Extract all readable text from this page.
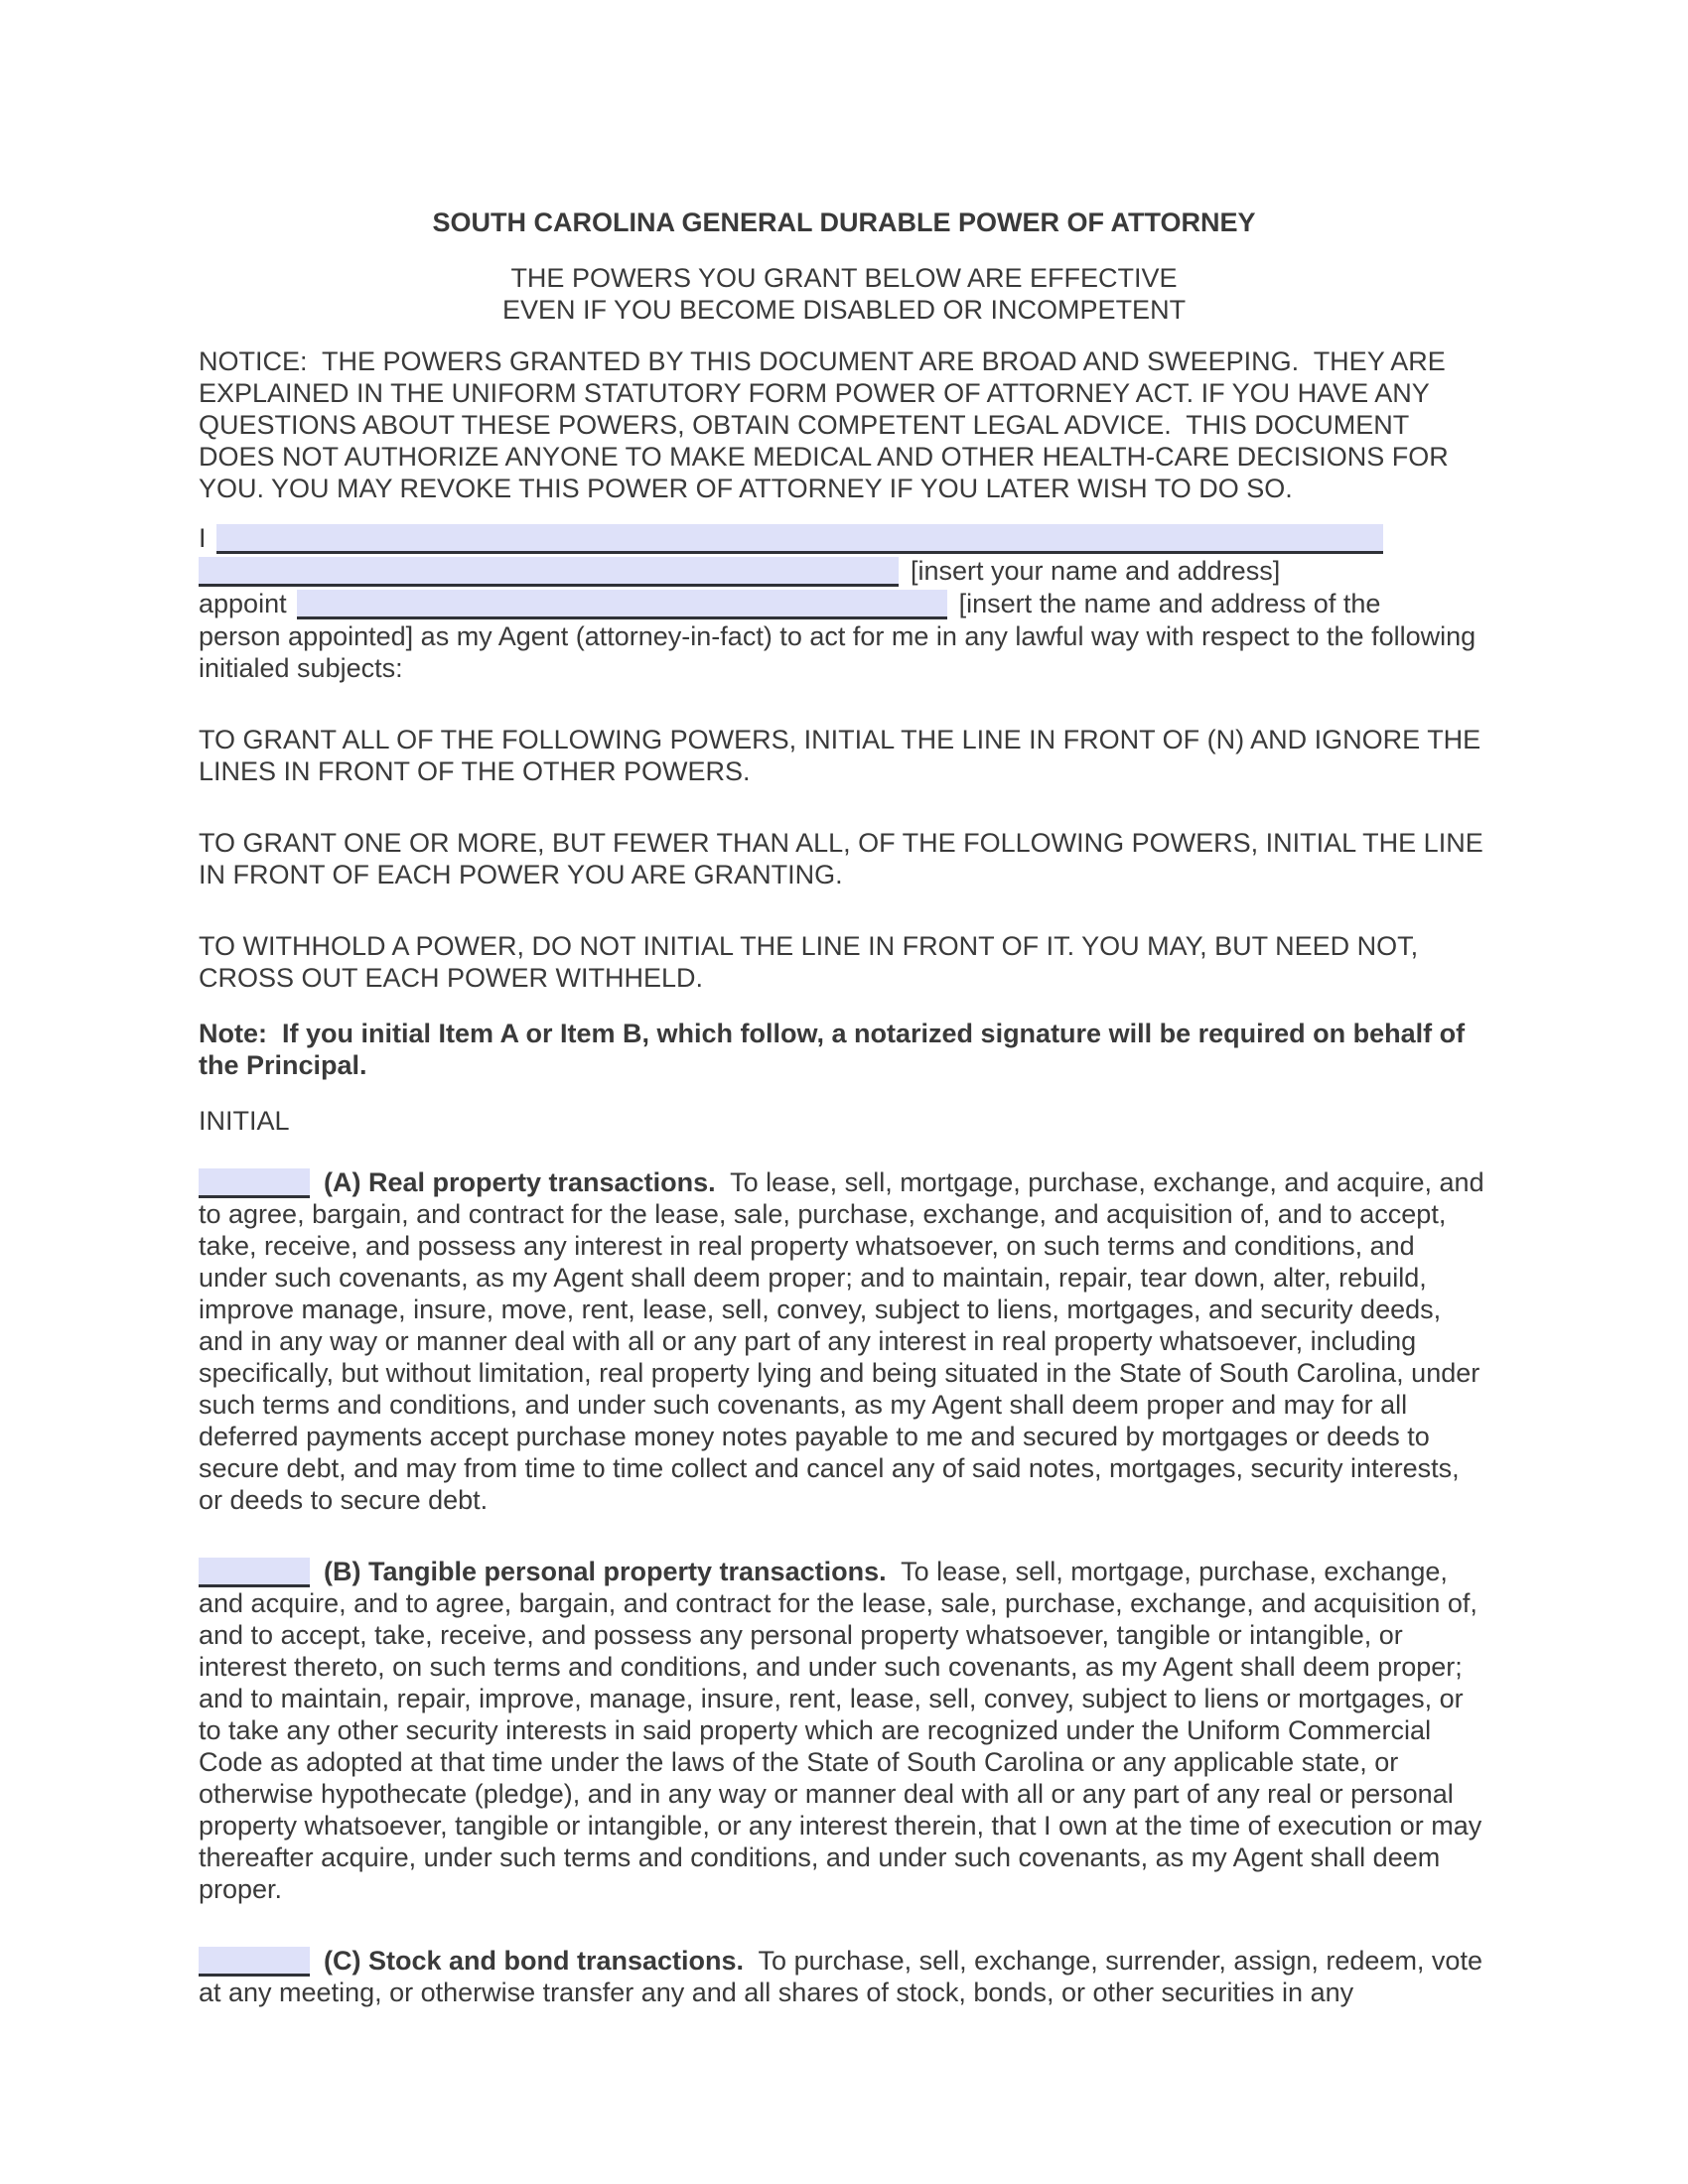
SOUTH CAROLINA GENERAL DURABLE POWER OF ATTORNEY
THE POWERS YOU GRANT BELOW ARE EFFECTIVE
EVEN IF YOU BECOME DISABLED OR INCOMPETENT
NOTICE:  THE POWERS GRANTED BY THIS DOCUMENT ARE BROAD AND SWEEPING.  THEY ARE EXPLAINED IN THE UNIFORM STATUTORY FORM POWER OF ATTORNEY ACT. IF YOU HAVE ANY QUESTIONS ABOUT THESE POWERS, OBTAIN COMPETENT LEGAL ADVICE.  THIS DOCUMENT DOES NOT AUTHORIZE ANYONE TO MAKE MEDICAL AND OTHER HEALTH-CARE DECISIONS FOR YOU. YOU MAY REVOKE THIS POWER OF ATTORNEY IF YOU LATER WISH TO DO SO.
I
[insert your name and address]
appoint	[insert the name and address of the
person appointed] as my Agent (attorney-in-fact) to act for me in any lawful way with respect to the following initialed subjects:
TO GRANT ALL OF THE FOLLOWING POWERS, INITIAL THE LINE IN FRONT OF (N) AND IGNORE THE LINES IN FRONT OF THE OTHER POWERS.
TO GRANT ONE OR MORE, BUT FEWER THAN ALL, OF THE FOLLOWING POWERS, INITIAL THE LINE IN FRONT OF EACH POWER YOU ARE GRANTING.
TO WITHHOLD A POWER, DO NOT INITIAL THE LINE IN FRONT OF IT. YOU MAY, BUT NEED NOT, CROSS OUT EACH POWER WITHHELD.
Note:  If you initial Item A or Item B, which follow, a notarized signature will be required on behalf of the Principal.
INITIAL
(A) Real property transactions.  To lease, sell, mortgage, purchase, exchange, and acquire, and to agree, bargain, and contract for the lease, sale, purchase, exchange, and acquisition of, and to accept, take, receive, and possess any interest in real property whatsoever, on such terms and conditions, and under such covenants, as my Agent shall deem proper; and to maintain, repair, tear down, alter, rebuild, improve manage, insure, move, rent, lease, sell, convey, subject to liens, mortgages, and security deeds, and in any way or manner deal with all or any part of any interest in real property whatsoever, including specifically, but without limitation, real property lying and being situated in the State of South Carolina, under such terms and conditions, and under such covenants, as my Agent shall deem proper and may for all deferred payments accept purchase money notes payable to me and secured by mortgages or deeds to secure debt, and may from time to time collect and cancel any of said notes, mortgages, security interests, or deeds to secure debt.
(B) Tangible personal property transactions.  To lease, sell, mortgage, purchase, exchange, and acquire, and to agree, bargain, and contract for the lease, sale, purchase, exchange, and acquisition of, and to accept, take, receive, and possess any personal property whatsoever, tangible or intangible, or interest thereto, on such terms and conditions, and under such covenants, as my Agent shall deem proper; and to maintain, repair, improve, manage, insure, rent, lease, sell, convey, subject to liens or mortgages, or to take any other security interests in said property which are recognized under the Uniform Commercial Code as adopted at that time under the laws of the State of South Carolina or any applicable state, or otherwise hypothecate (pledge), and in any way or manner deal with all or any part of any real or personal property whatsoever, tangible or intangible, or any interest therein, that I own at the time of execution or may thereafter acquire, under such terms and conditions, and under such covenants, as my Agent shall deem proper.
(C) Stock and bond transactions.  To purchase, sell, exchange, surrender, assign, redeem, vote at any meeting, or otherwise transfer any and all shares of stock, bonds, or other securities in any
